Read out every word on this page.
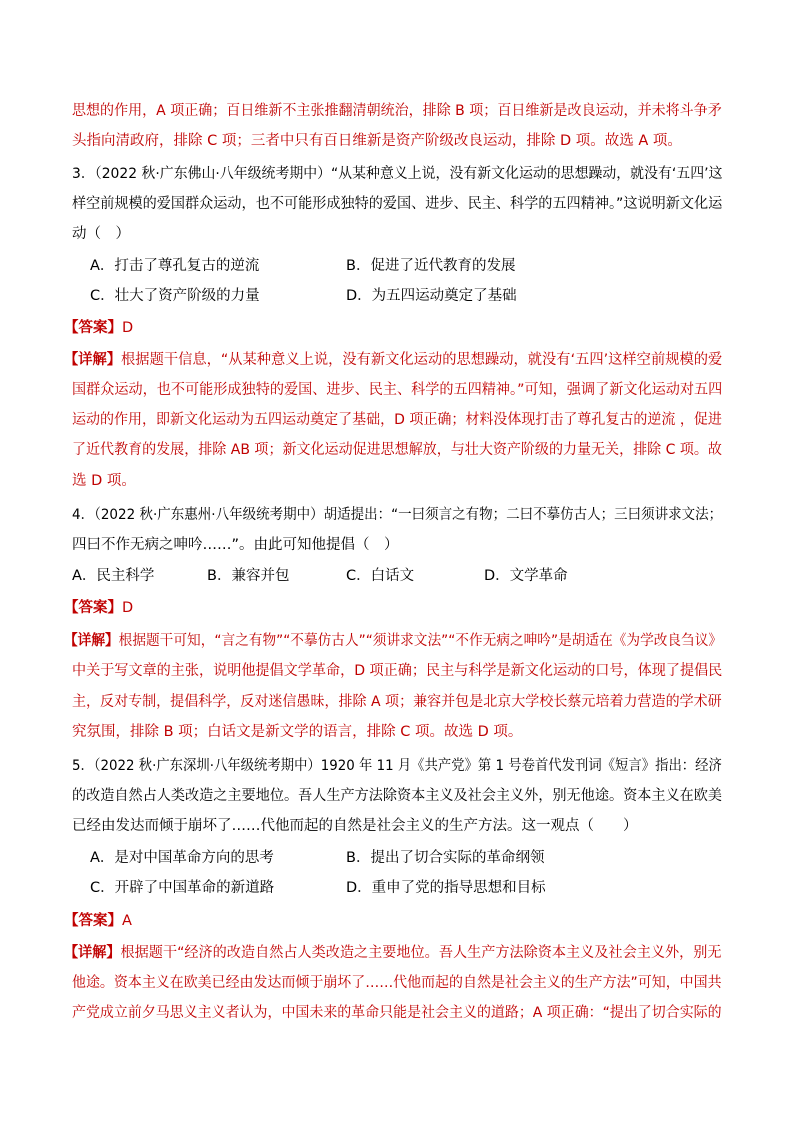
思想的作用，A 项正确；百日维新不主张推翻清朝统治，排除 B 项；百日维新是改良运动，并未将斗争矛
头指向清政府，排除 C 项；三者中只有百日维新是资产阶级改良运动，排除 D 项。故选 A 项。
3．（2022 秋·广东佛山·八年级统考期中）“从某种意义上说，没有新文化运动的思想躁动，就没有‘五四’这
样空前规模的爱国群众运动，也不可能形成独特的爱国、进步、民主、科学的五四精神。”这说明新文化运
动（　）
A．打击了尊孔复古的逆流	B．促进了近代教育的发展
C．壮大了资产阶级的力量	D．为五四运动奠定了基础
【答案】D
【详解】根据题干信息，“从某种意义上说，没有新文化运动的思想躁动，就没有‘五四’这样空前规模的爱
国群众运动，也不可能形成独特的爱国、进步、民主、科学的五四精神。”可知，强调了新文化运动对五四
运动的作用，即新文化运动为五四运动奠定了基础，D 项正确；材料没体现打击了尊孔复古的逆流 ，促进
了近代教育的发展，排除 AB 项；新文化运动促进思想解放，与壮大资产阶级的力量无关，排除 C 项。故
选 D 项。
4．（2022 秋·广东惠州·八年级统考期中）胡适提出：“一曰须言之有物；二曰不摹仿古人；三曰须讲求文法；
四曰不作无病之呻吟……”。由此可知他提倡（　）
A．民主科学	B．兼容并包	C．白话文	D．文学革命
【答案】D
【详解】根据题干可知，“言之有物”“不摹仿古人”“须讲求文法”“不作无病之呻吟”是胡适在《为学改良刍议》
中关于写文章的主张，说明他提倡文学革命，D 项正确；民主与科学是新文化运动的口号，体现了提倡民
主，反对专制，提倡科学，反对迷信愚昧，排除 A 项；兼容并包是北京大学校长蔡元培着力营造的学术研
究氛围，排除 B 项；白话文是新文学的语言，排除 C 项。故选 D 项。
5．（2022 秋·广东深圳·八年级统考期中）1920 年 11 月《共产党》第 1 号卷首代发刊词《短言》指出：经济
的改造自然占人类改造之主要地位。吾人生产方法除资本主义及社会主义外，别无他途。资本主义在欧美
已经由发达而倾于崩坏了……代他而起的自然是社会主义的生产方法。这一观点（　　）
A．是对中国革命方向的思考	B．提出了切合实际的革命纲领
C．开辟了中国革命的新道路	D．重申了党的指导思想和目标
【答案】A
【详解】根据题干“经济的改造自然占人类改造之主要地位。吾人生产方法除资本主义及社会主义外，别无
他途。资本主义在欧美已经由发达而倾于崩坏了……代他而起的自然是社会主义的生产方法”可知，中国共
产党成立前夕马思义主义者认为，中国未来的革命只能是社会主义的道路；A 项正确：“提出了切合实际的
